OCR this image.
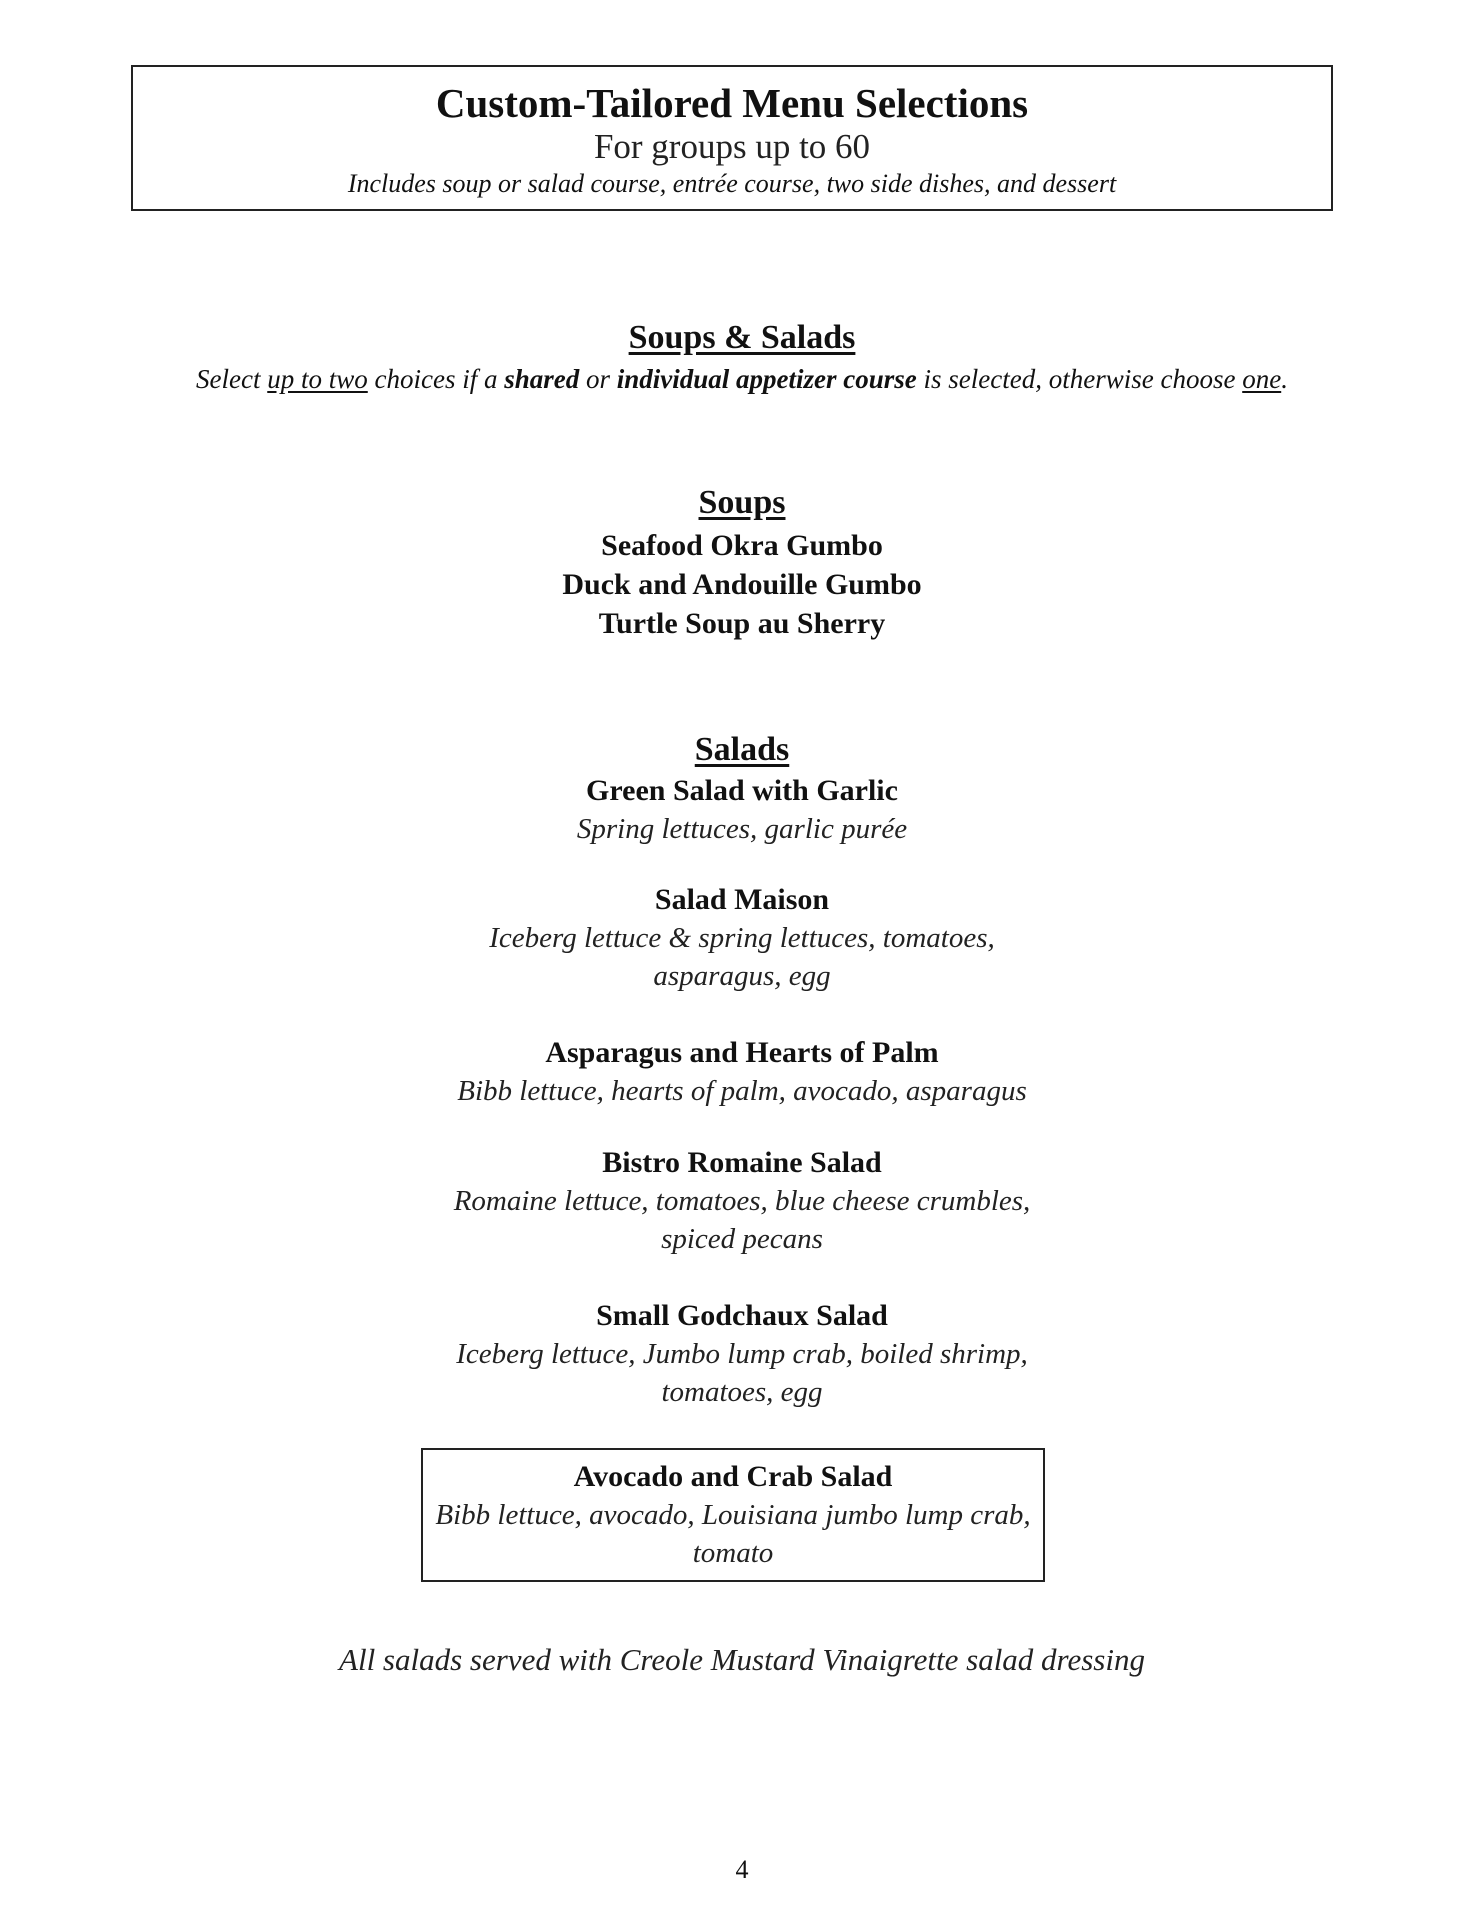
Custom-Tailored Menu Selections
For groups up to 60
Includes soup or salad course, entrée course, two side dishes, and dessert
Soups & Salads
Select up to two choices if a shared or individual appetizer course is selected, otherwise choose one.
Soups
Seafood Okra Gumbo
Duck and Andouille Gumbo
Turtle Soup au Sherry
Salads
Green Salad with Garlic
Spring lettuces, garlic purée
Salad Maison
Iceberg lettuce & spring lettuces, tomatoes,
asparagus, egg
Asparagus and Hearts of Palm
Bibb lettuce, hearts of palm, avocado, asparagus
Bistro Romaine Salad
Romaine lettuce, tomatoes, blue cheese crumbles,
spiced pecans
Small Godchaux Salad
Iceberg lettuce, Jumbo lump crab, boiled shrimp,
tomatoes, egg
Avocado and Crab Salad
Bibb lettuce, avocado, Louisiana jumbo lump crab,
tomato
All salads served with Creole Mustard Vinaigrette salad dressing
4
